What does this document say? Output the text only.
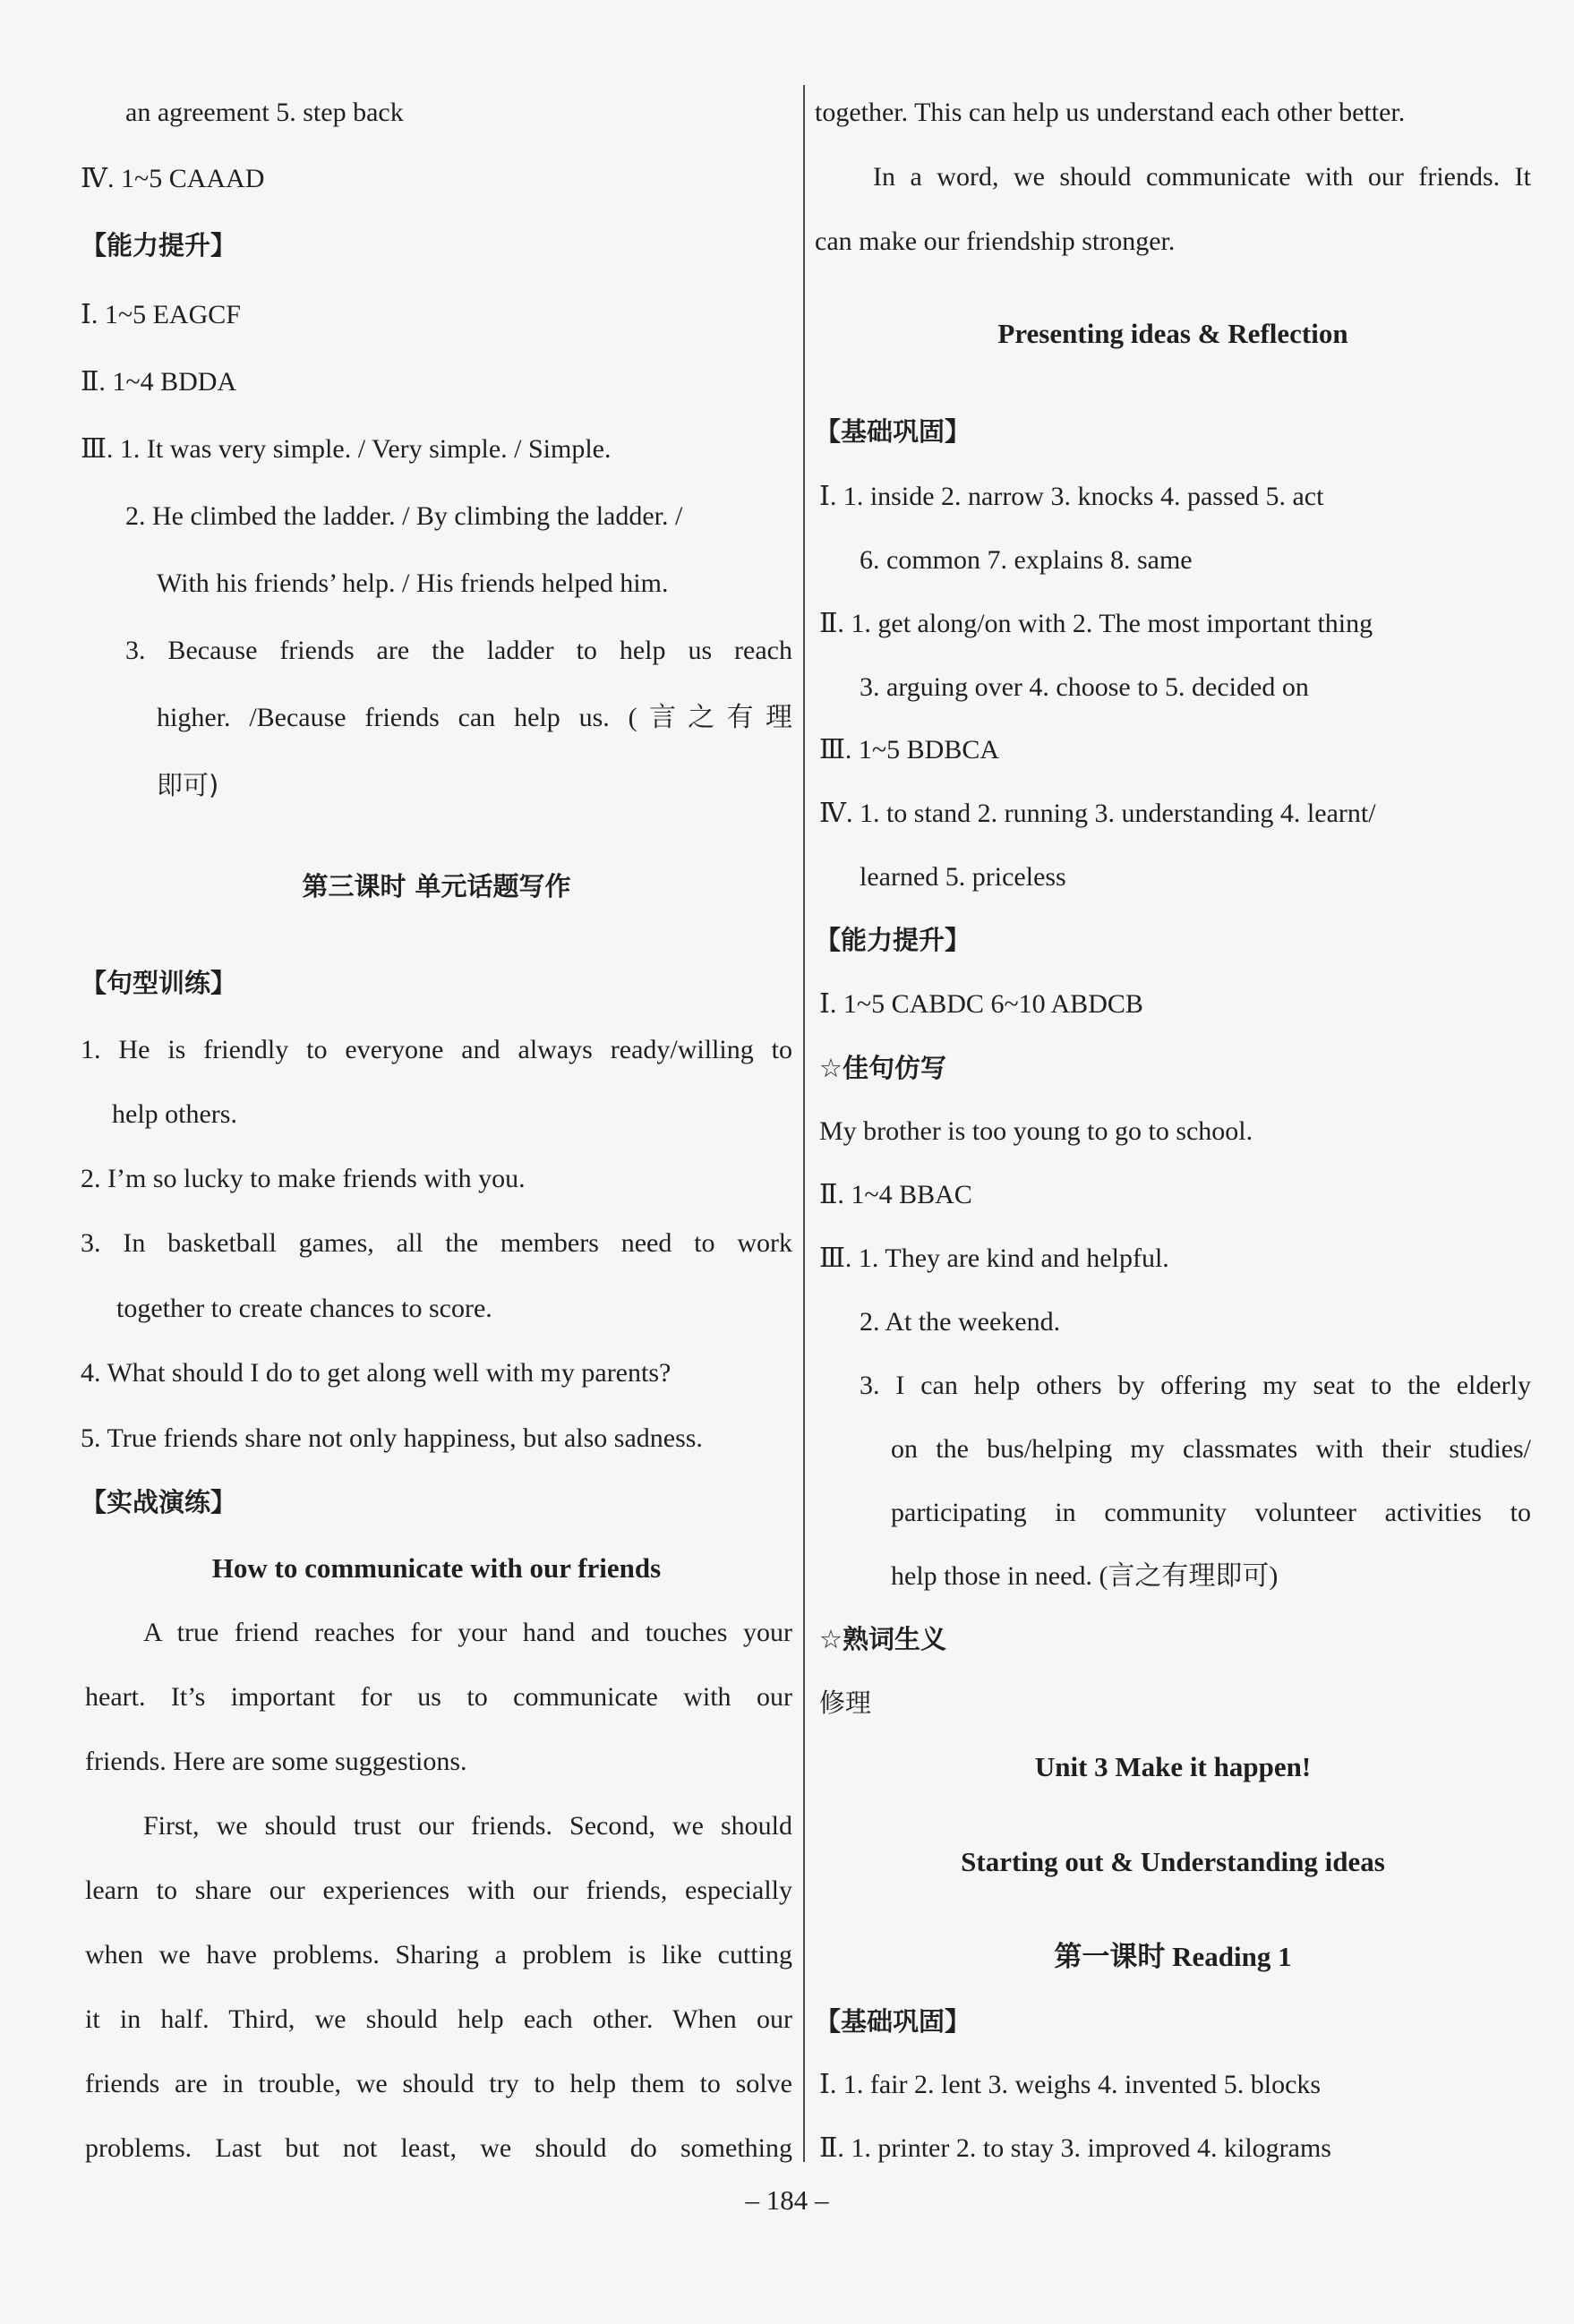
an agreement 5. step back
Ⅳ. 1~5 CAAAD
【能力提升】
Ⅰ. 1~5 EAGCF
Ⅱ. 1~4 BDDA
Ⅲ. 1. It was very simple. / Very simple. / Simple.
2. He climbed the ladder. / By climbing the ladder. /
With his friends’ help. / His friends helped him.
3. Because friends are the ladder to help us reach
higher. /Because friends can help us. (言之有理
即可)
第三课时 单元话题写作
【句型训练】
1. He is friendly to everyone and always ready/willing to
help others.
2. I’m so lucky to make friends with you.
3. In basketball games, all the members need to work
together to create chances to score.
4. What should I do to get along well with my parents?
5. True friends share not only happiness, but also sadness.
【实战演练】
How to communicate with our friends
A true friend reaches for your hand and touches your
heart. It’s important for us to communicate with our
friends. Here are some suggestions.
First, we should trust our friends. Second, we should
learn to share our experiences with our friends, especially
when we have problems. Sharing a problem is like cutting
it in half. Third, we should help each other. When our
friends are in trouble, we should try to help them to solve
problems. Last but not least, we should do something
together. This can help us understand each other better.
In a word, we should communicate with our friends. It
can make our friendship stronger.
Presenting ideas & Reflection
【基础巩固】
Ⅰ. 1. inside 2. narrow 3. knocks 4. passed 5. act
6. common 7. explains 8. same
Ⅱ. 1. get along/on with 2. The most important thing
3. arguing over 4. choose to 5. decided on
Ⅲ. 1~5 BDBCA
Ⅳ. 1. to stand 2. running 3. understanding 4. learnt/
learned 5. priceless
【能力提升】
Ⅰ. 1~5 CABDC 6~10 ABDCB
☆佳句仿写
My brother is too young to go to school.
Ⅱ. 1~4 BBAC
Ⅲ. 1. They are kind and helpful.
2. At the weekend.
3. I can help others by offering my seat to the elderly
on the bus/helping my classmates with their studies/
participating in community volunteer activities to
help those in need. (言之有理即可)
☆熟词生义
修理
Unit 3 Make it happen!
Starting out & Understanding ideas
第一课时 Reading 1
【基础巩固】
Ⅰ. 1. fair 2. lent 3. weighs 4. invented 5. blocks
Ⅱ. 1. printer 2. to stay 3. improved 4. kilograms
– 184 –
